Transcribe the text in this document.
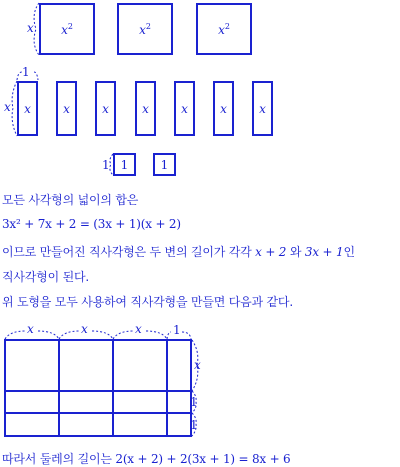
$x^2$	$x^2$	$x^2$
x
x	x	x	x	x	x	x
1
x
1	1
1
모든 사각형의 넓이의 합은
3x² + 7x + 2 = (3x + 1)(x + 2)
이므로 만들어진 직사각형은 두 변의 길이가 각각 x + 2 와 3x + 1인
직사각형이 된다.
위 도형을 모두 사용하여 직사각형을 만들면 다음과 같다.
x	x	x	1
x
1
1
따라서 둘레의 길이는 2(x + 2) + 2(3x + 1) = 8x + 6
